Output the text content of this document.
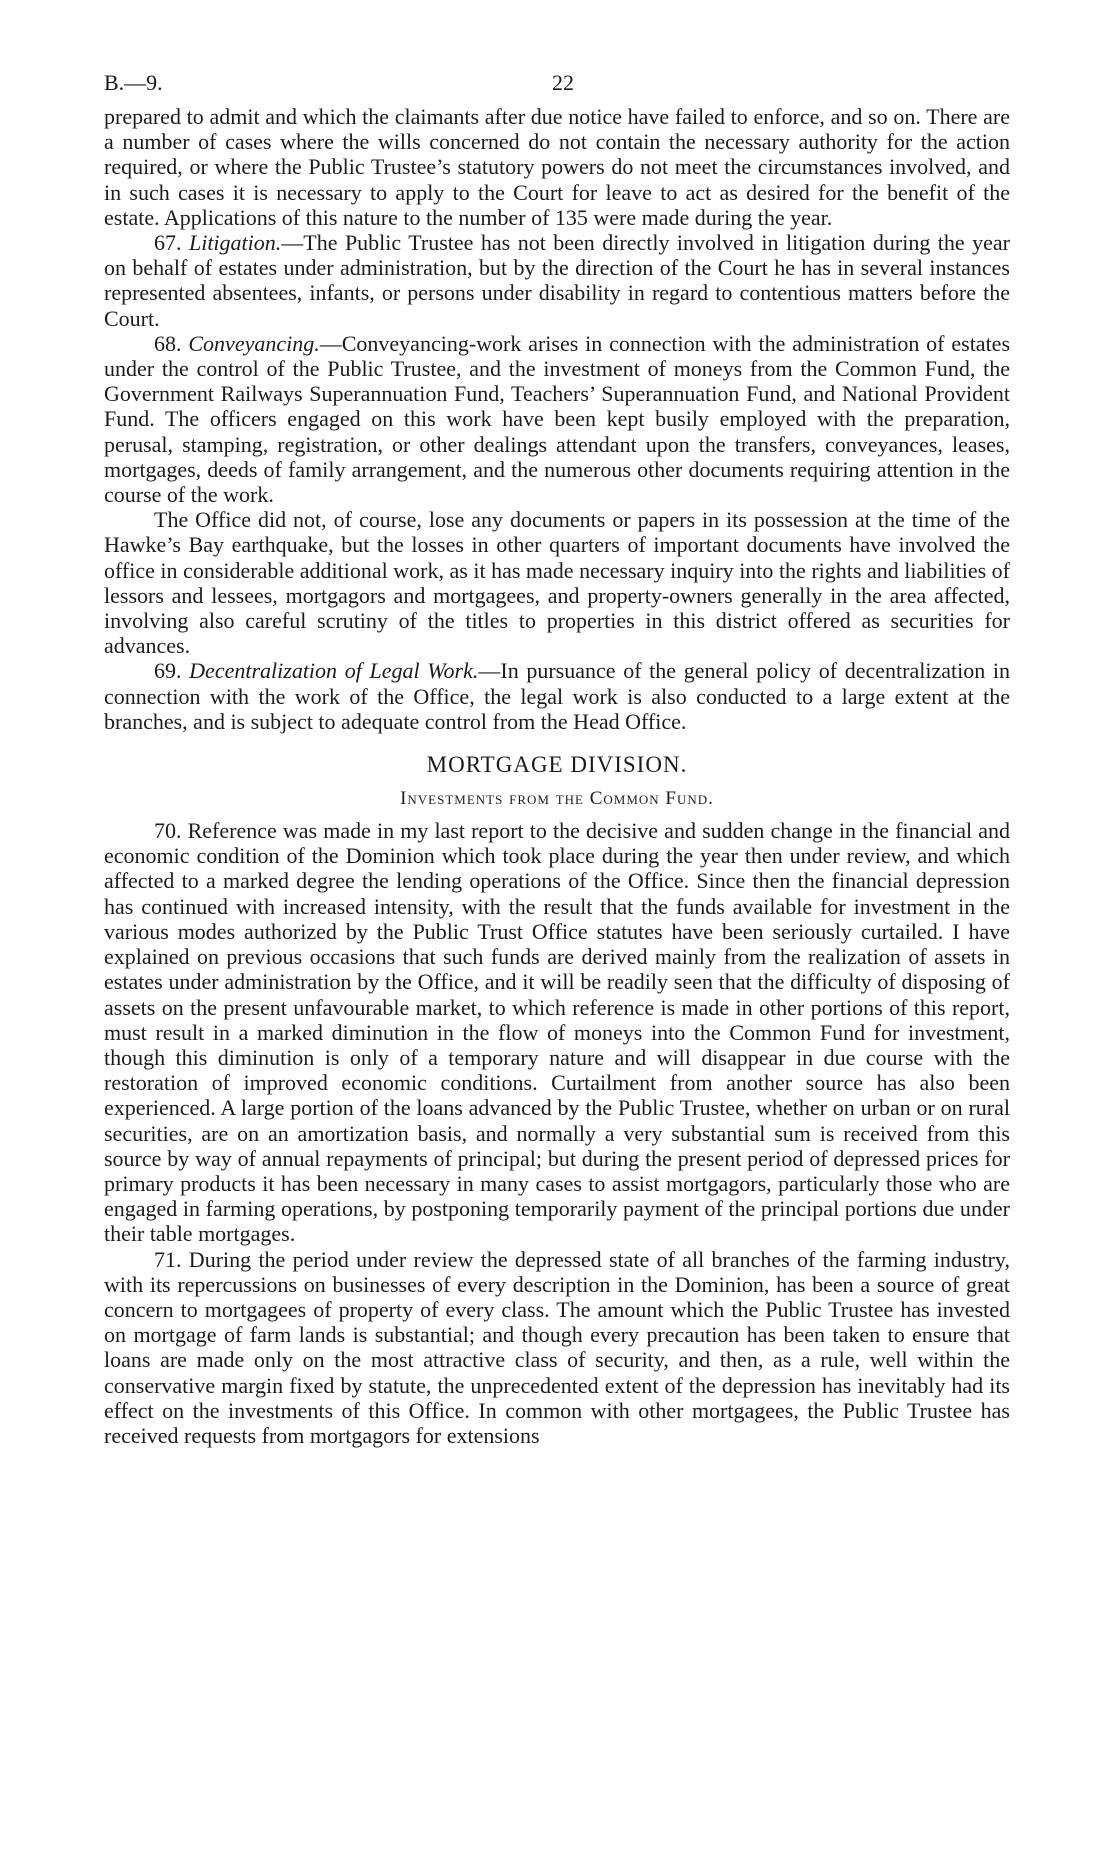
B.—9.	22

prepared to admit and which the claimants after due notice have failed to enforce, and so on. There are a number of cases where the wills concerned do not contain the necessary authority for the action required, or where the Public Trustee’s statutory powers do not meet the circumstances involved, and in such cases it is necessary to apply to the Court for leave to act as desired for the benefit of the estate. Applications of this nature to the number of 135 were made during the year.

67. Litigation.—The Public Trustee has not been directly involved in litigation during the year on behalf of estates under administration, but by the direction of the Court he has in several instances represented absentees, infants, or persons under disability in regard to contentious matters before the Court.

68. Conveyancing.—Conveyancing-work arises in connection with the administration of estates under the control of the Public Trustee, and the investment of moneys from the Common Fund, the Government Railways Superannuation Fund, Teachers’ Superannuation Fund, and National Provident Fund. The officers engaged on this work have been kept busily employed with the preparation, perusal, stamping, registration, or other dealings attendant upon the transfers, conveyances, leases, mortgages, deeds of family arrangement, and the numerous other documents requiring attention in the course of the work.

The Office did not, of course, lose any documents or papers in its possession at the time of the Hawke’s Bay earthquake, but the losses in other quarters of important documents have involved the office in considerable additional work, as it has made necessary inquiry into the rights and liabilities of lessors and lessees, mortgagors and mortgagees, and property-owners generally in the area affected, involving also careful scrutiny of the titles to properties in this district offered as securities for advances.

69. Decentralization of Legal Work.—In pursuance of the general policy of decentralization in connection with the work of the Office, the legal work is also conducted to a large extent at the branches, and is subject to adequate control from the Head Office.

MORTGAGE DIVISION.
Investments from the Common Fund.

70. Reference was made in my last report to the decisive and sudden change in the financial and economic condition of the Dominion which took place during the year then under review, and which affected to a marked degree the lending operations of the Office. Since then the financial depression has continued with increased intensity, with the result that the funds available for investment in the various modes authorized by the Public Trust Office statutes have been seriously curtailed. I have explained on previous occasions that such funds are derived mainly from the realization of assets in estates under administration by the Office, and it will be readily seen that the difficulty of disposing of assets on the present unfavourable market, to which reference is made in other portions of this report, must result in a marked diminution in the flow of moneys into the Common Fund for investment, though this diminution is only of a temporary nature and will disappear in due course with the restoration of improved economic conditions. Curtailment from another source has also been experienced. A large portion of the loans advanced by the Public Trustee, whether on urban or on rural securities, are on an amortization basis, and normally a very substantial sum is received from this source by way of annual repayments of principal; but during the present period of depressed prices for primary products it has been necessary in many cases to assist mortgagors, particularly those who are engaged in farming operations, by postponing temporarily payment of the principal portions due under their table mortgages.

71. During the period under review the depressed state of all branches of the farming industry, with its repercussions on businesses of every description in the Dominion, has been a source of great concern to mortgagees of property of every class. The amount which the Public Trustee has invested on mortgage of farm lands is substantial; and though every precaution has been taken to ensure that loans are made only on the most attractive class of security, and then, as a rule, well within the conservative margin fixed by statute, the unprecedented extent of the depression has inevitably had its effect on the investments of this Office. In common with other mortgagees, the Public Trustee has received requests from mortgagors for extensions
